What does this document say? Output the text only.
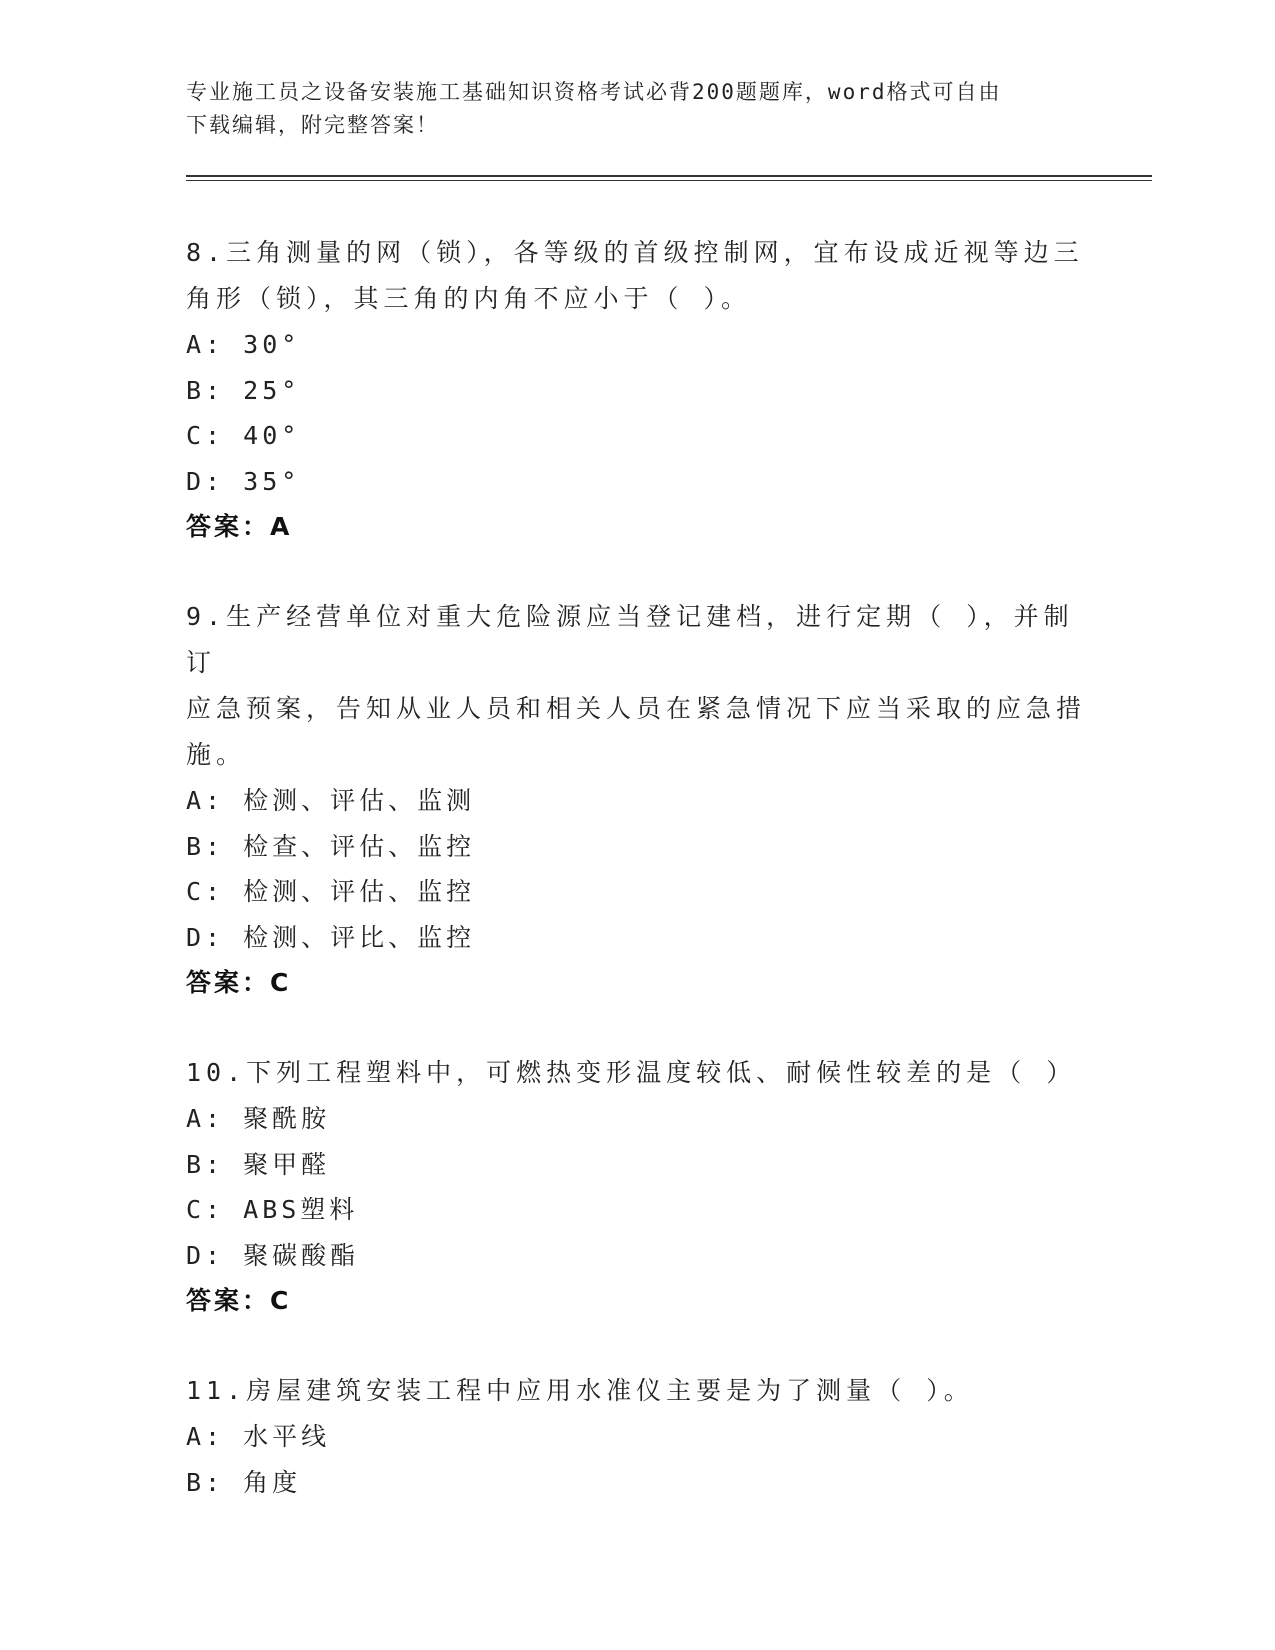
专业施工员之设备安装施工基础知识资格考试必背200题题库，word格式可自由
下载编辑，附完整答案！
8.三角测量的网（锁），各等级的首级控制网，宜布设成近视等边三
角形（锁），其三角的内角不应小于（ ）。
A: 30°
B: 25°
C: 40°
D: 35°
答案：A
9.生产经营单位对重大危险源应当登记建档，进行定期（ ），并制订
应急预案，告知从业人员和相关人员在紧急情况下应当采取的应急措
施。
A: 检测、评估、监测
B: 检查、评估、监控
C: 检测、评估、监控
D: 检测、评比、监控
答案：C
10.下列工程塑料中，可燃热变形温度较低、耐候性较差的是（ ）
A: 聚酰胺
B: 聚甲醛
C: ABS塑料
D: 聚碳酸酯
答案：C
11.房屋建筑安装工程中应用水准仪主要是为了测量（ ）。
A: 水平线
B: 角度
